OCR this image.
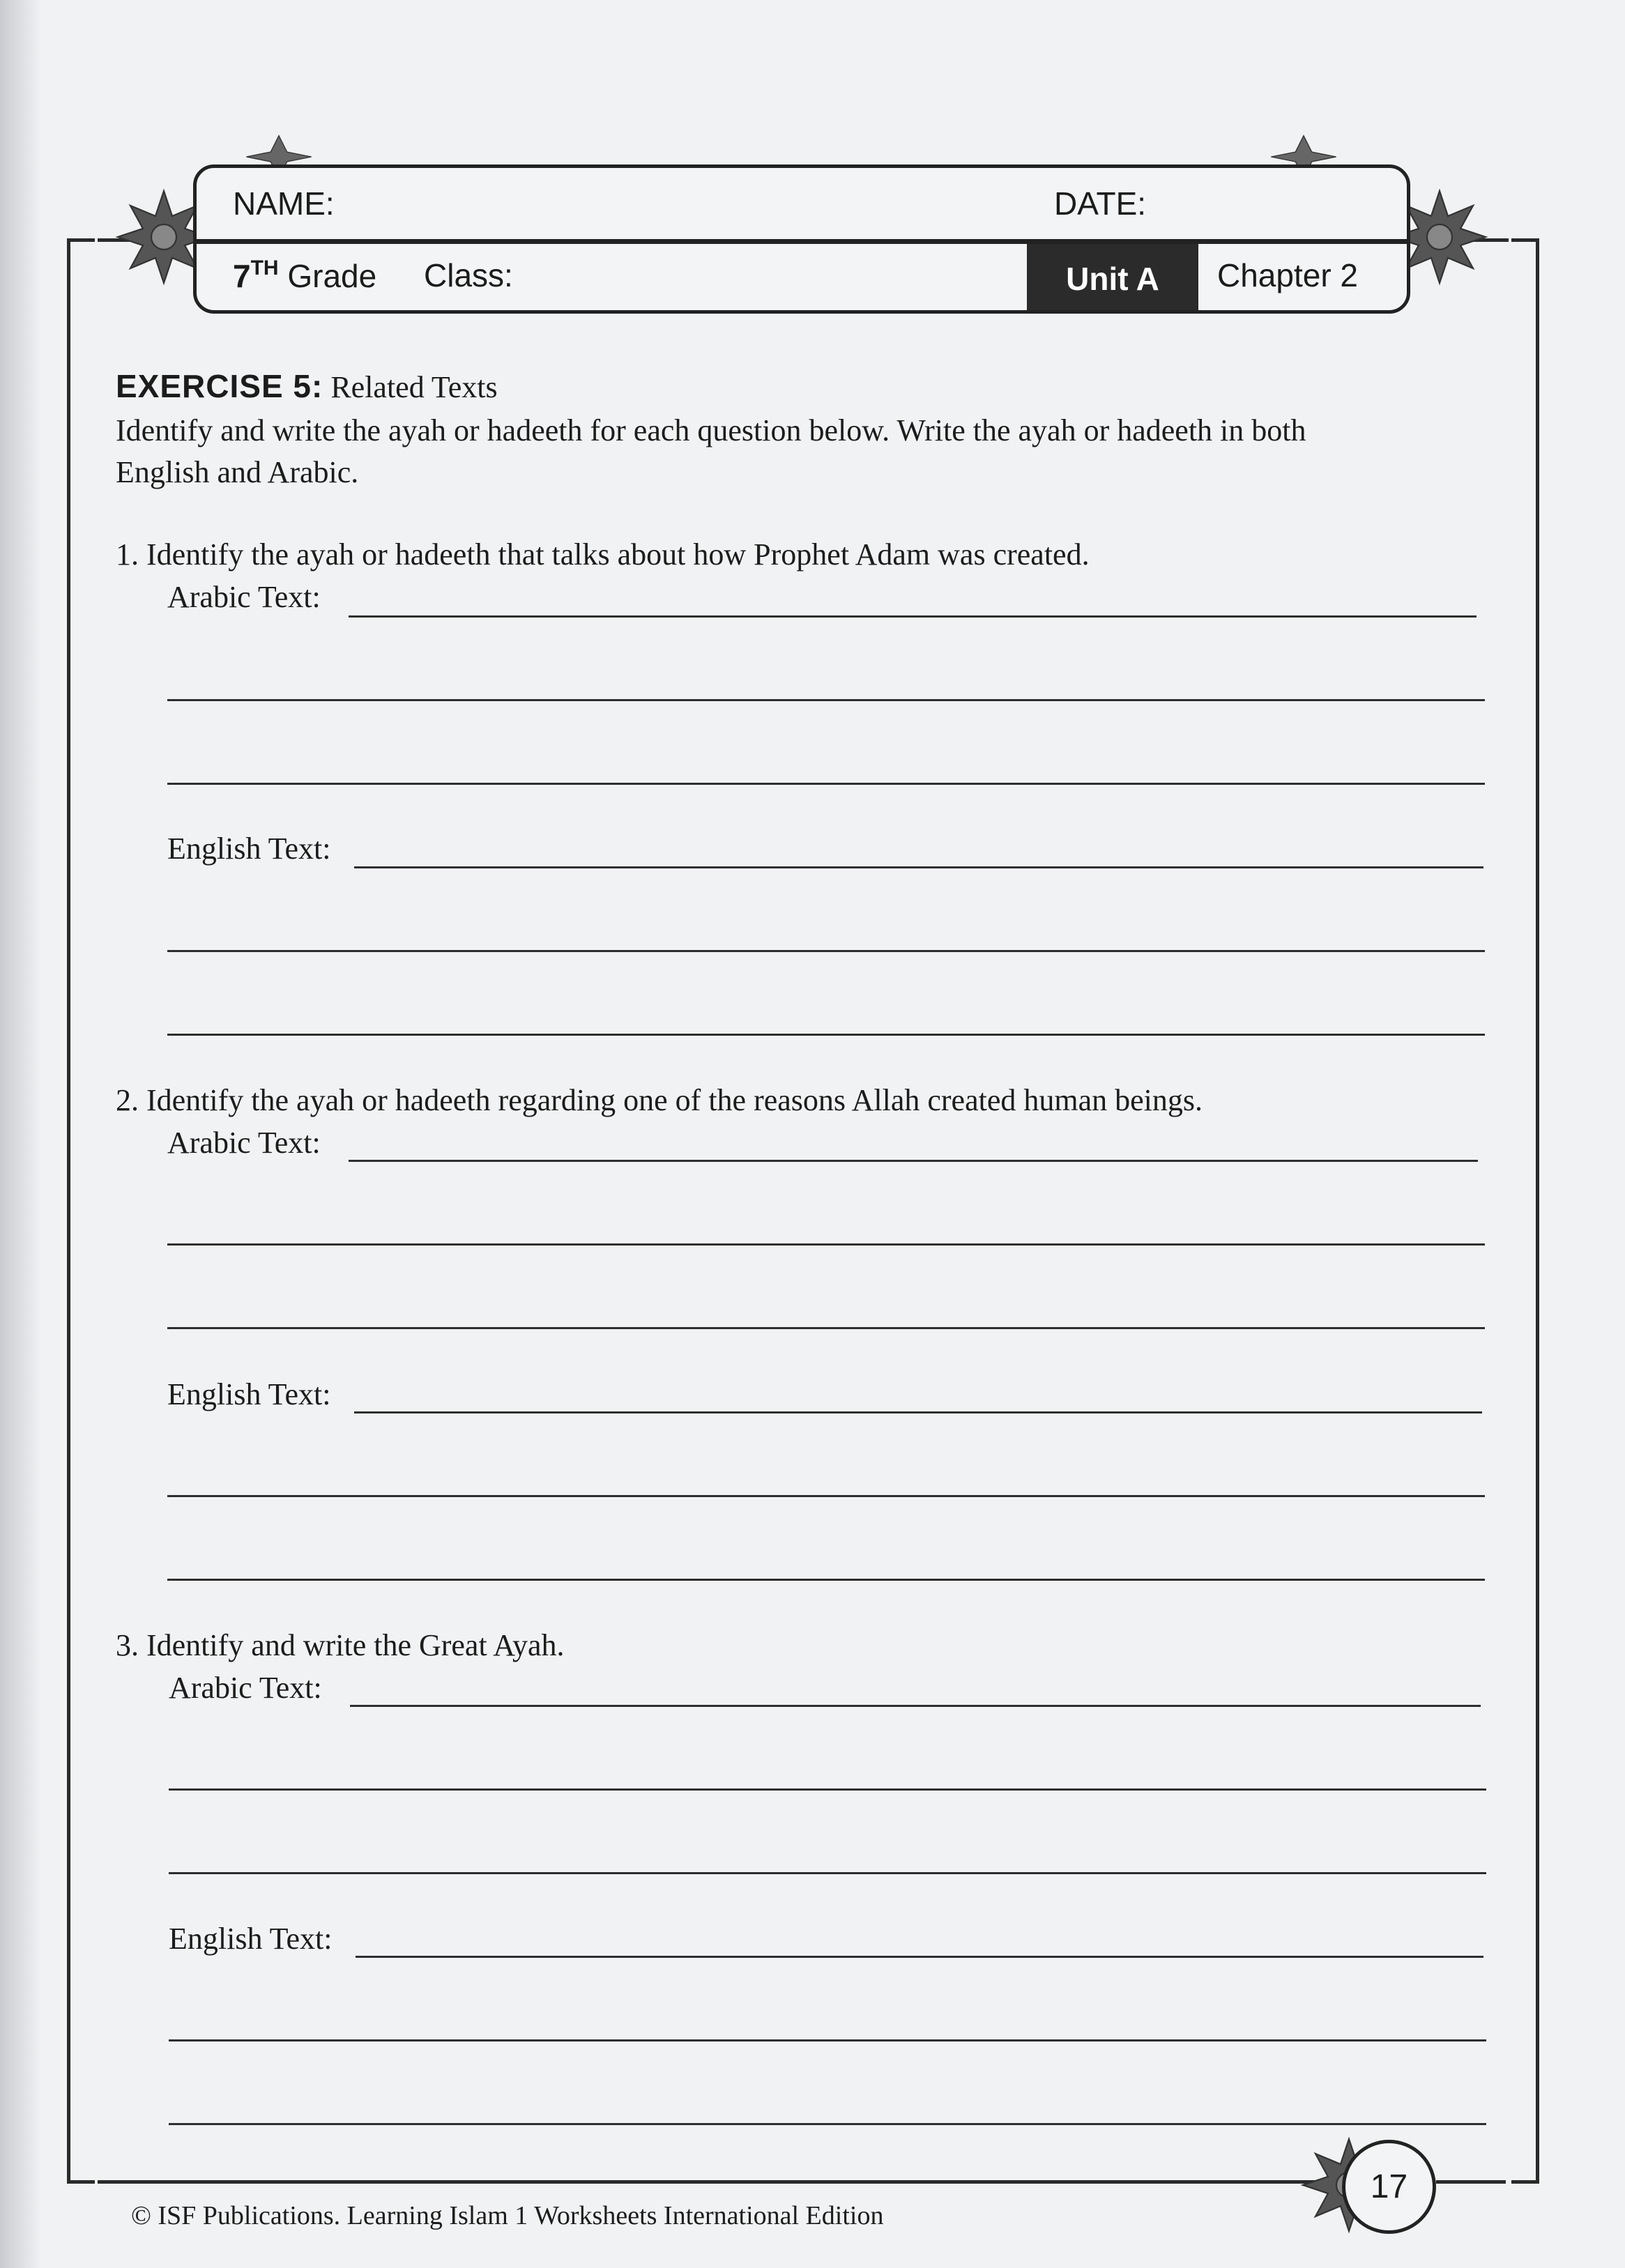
NAME:	DATE:
7TH Grade Class:	Unit A	Chapter 2
EXERCISE 5: Related Texts
Identify and write the ayah or hadeeth for each question below. Write the ayah or hadeeth in both
English and Arabic.
1. Identify the ayah or hadeeth that talks about how Prophet Adam was created.
Arabic Text:
English Text:
2. Identify the ayah or hadeeth regarding one of the reasons Allah created human beings.
Arabic Text:
English Text:
3. Identify and write the Great Ayah.
Arabic Text:
English Text:
17
© ISF Publications. Learning Islam 1 Worksheets International Edition
